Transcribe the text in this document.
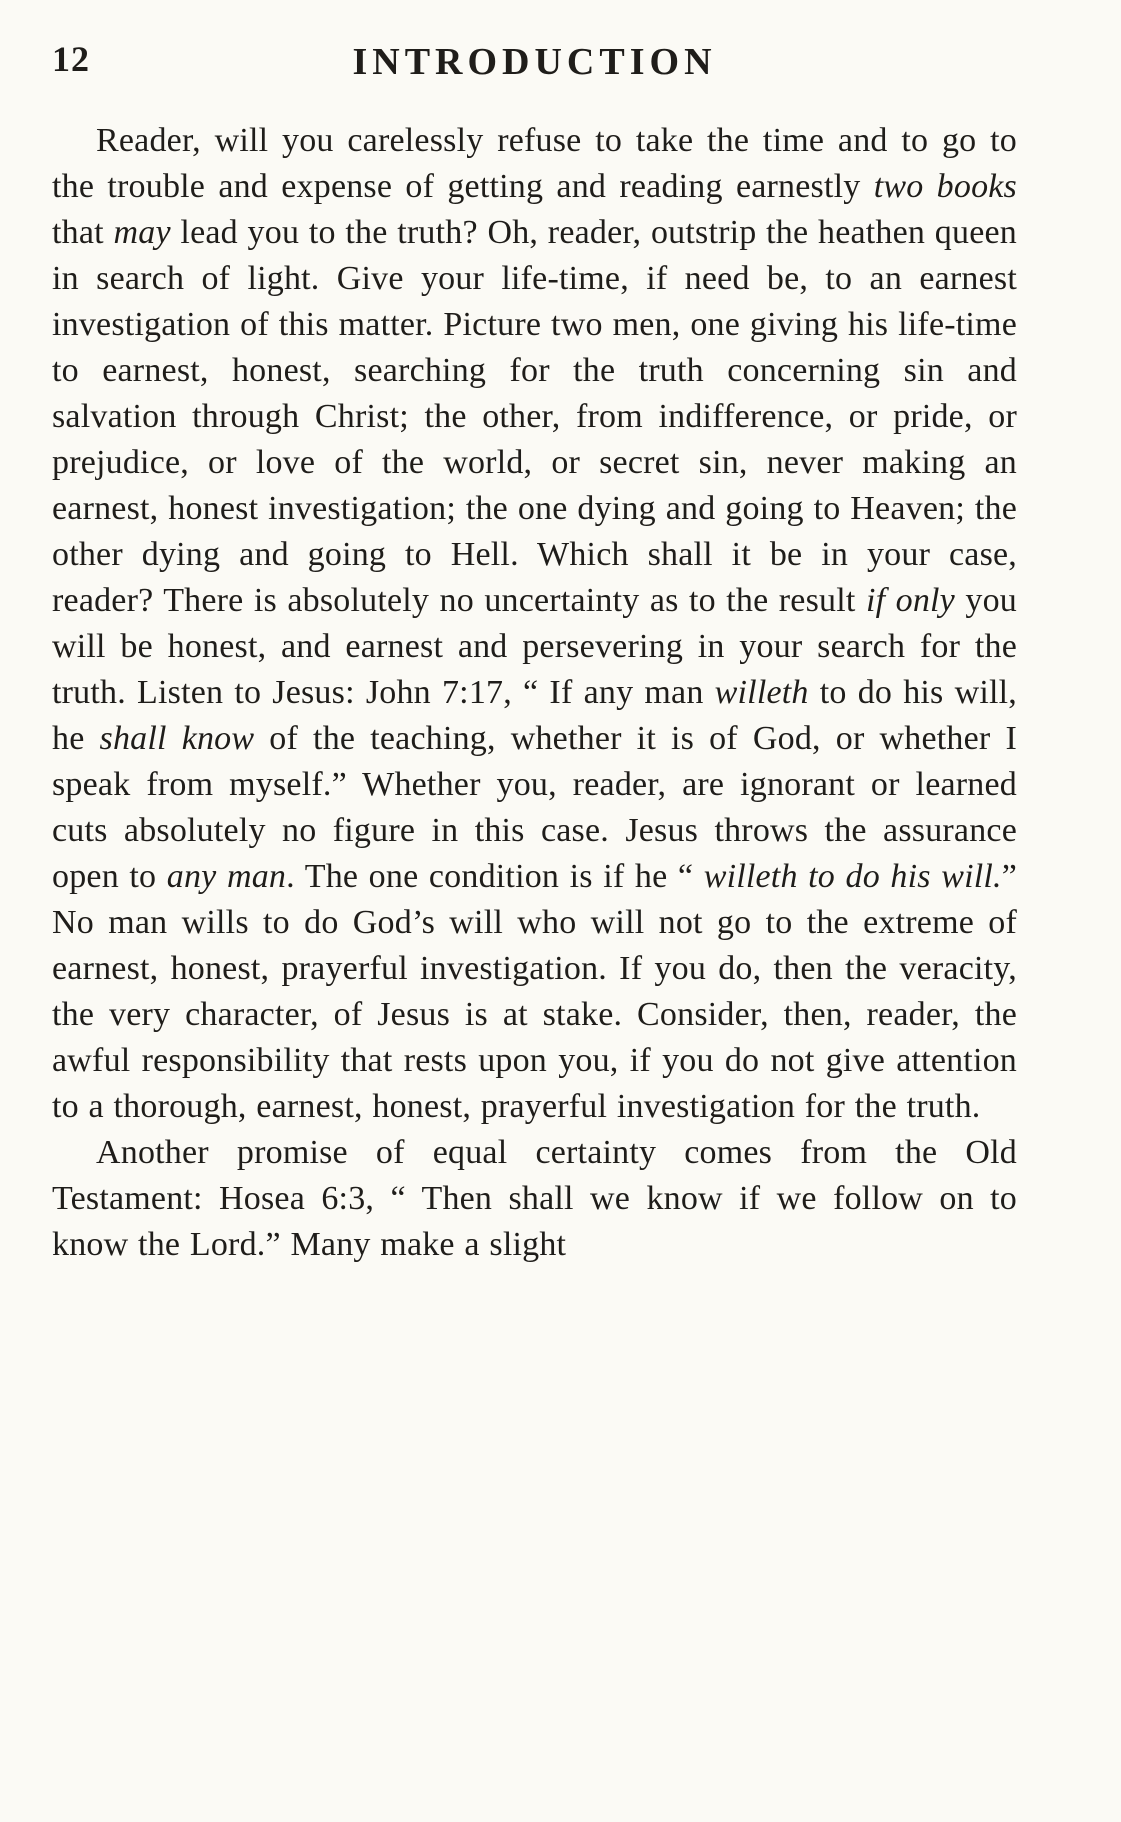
12	INTRODUCTION

Reader, will you carelessly refuse to take the time and to go to the trouble and expense of getting and reading earnestly two books that may lead you to the truth? Oh, reader, outstrip the heathen queen in search of light. Give your life-time, if need be, to an earnest investigation of this matter. Picture two men, one giving his life-time to earnest, honest, searching for the truth concerning sin and salvation through Christ; the other, from indifference, or pride, or prejudice, or love of the world, or secret sin, never making an earnest, honest investigation; the one dying and going to Heaven; the other dying and going to Hell. Which shall it be in your case, reader? There is absolutely no uncertainty as to the result if only you will be honest, and earnest and persevering in your search for the truth. Listen to Jesus: John 7:17, “ If any man willeth to do his will, he shall know of the teaching, whether it is of God, or whether I speak from myself.” Whether you, reader, are ignorant or learned cuts absolutely no figure in this case. Jesus throws the assurance open to any man. The one condition is if he “ willeth to do his will.” No man wills to do God’s will who will not go to the extreme of earnest, honest, prayerful investigation. If you do, then the veracity, the very character, of Jesus is at stake. Consider, then, reader, the awful responsibility that rests upon you, if you do not give attention to a thorough, earnest, honest, prayerful investigation for the truth.

Another promise of equal certainty comes from the Old Testament: Hosea 6:3, “ Then shall we know if we follow on to know the Lord.” Many make a slight
